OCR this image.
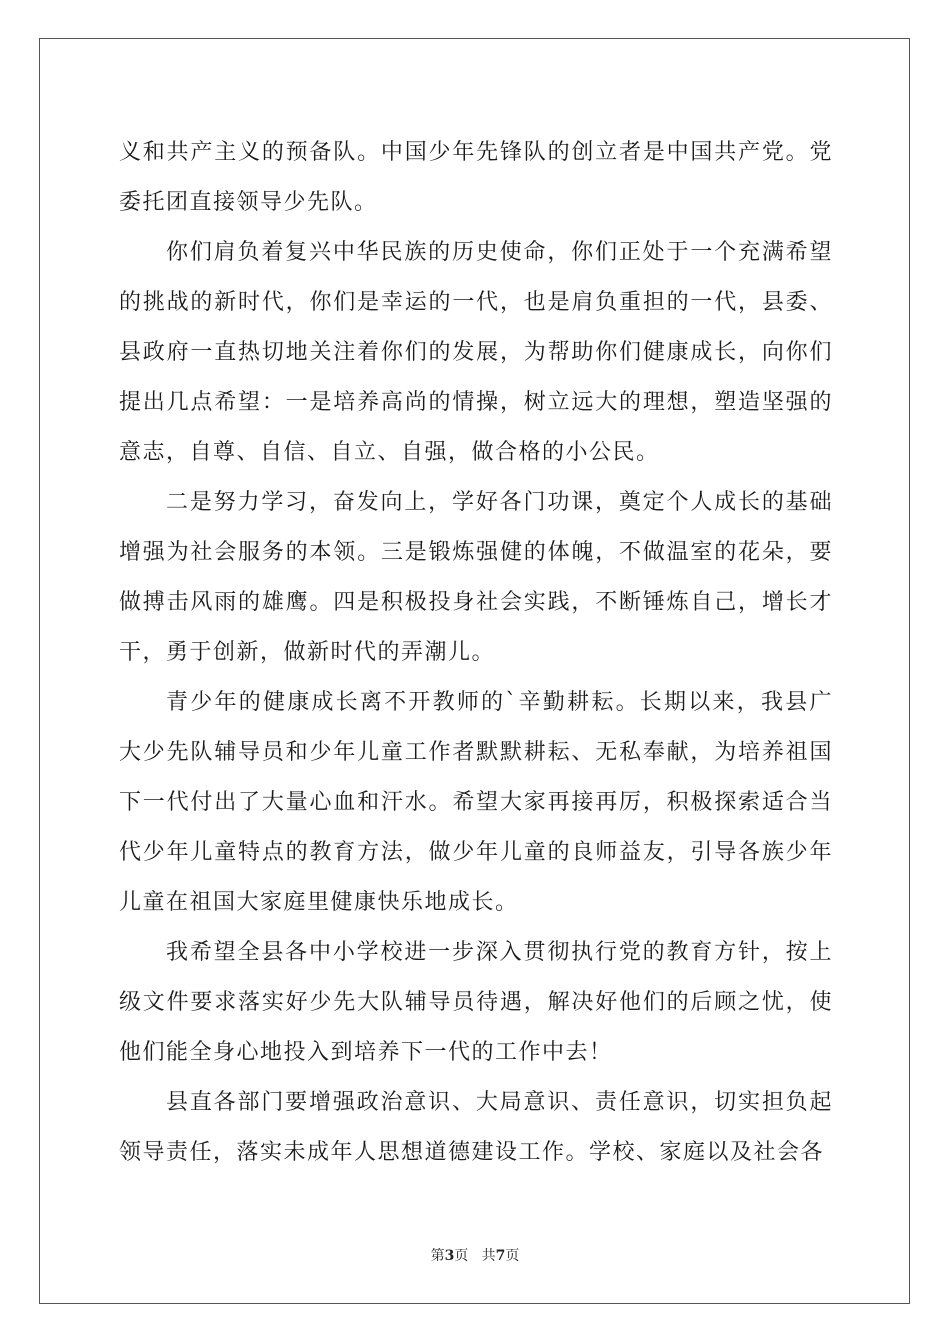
义和共产主义的预备队。中国少年先锋队的创立者是中国共产党。党委托团直接领导少先队。

你们肩负着复兴中华民族的历史使命，你们正处于一个充满希望的挑战的新时代，你们是幸运的一代，也是肩负重担的一代，县委、县政府一直热切地关注着你们的发展，为帮助你们健康成长，向你们提出几点希望：一是培养高尚的情操，树立远大的理想，塑造坚强的意志，自尊、自信、自立、自强，做合格的小公民。

二是努力学习，奋发向上，学好各门功课，奠定个人成长的基础增强为社会服务的本领。三是锻炼强健的体魄，不做温室的花朵，要做搏击风雨的雄鹰。四是积极投身社会实践，不断锤炼自己，增长才干，勇于创新，做新时代的弄潮儿。

青少年的健康成长离不开教师的`辛勤耕耘。长期以来，我县广大少先队辅导员和少年儿童工作者默默耕耘、无私奉献，为培养祖国下一代付出了大量心血和汗水。希望大家再接再厉，积极探索适合当代少年儿童特点的教育方法，做少年儿童的良师益友，引导各族少年儿童在祖国大家庭里健康快乐地成长。

我希望全县各中小学校进一步深入贯彻执行党的教育方针，按上级文件要求落实好少先大队辅导员待遇，解决好他们的后顾之忧，使他们能全身心地投入到培养下一代的工作中去！

县直各部门要增强政治意识、大局意识、责任意识，切实担负起领导责任，落实未成年人思想道德建设工作。学校、家庭以及社会各

第3页 共7页
